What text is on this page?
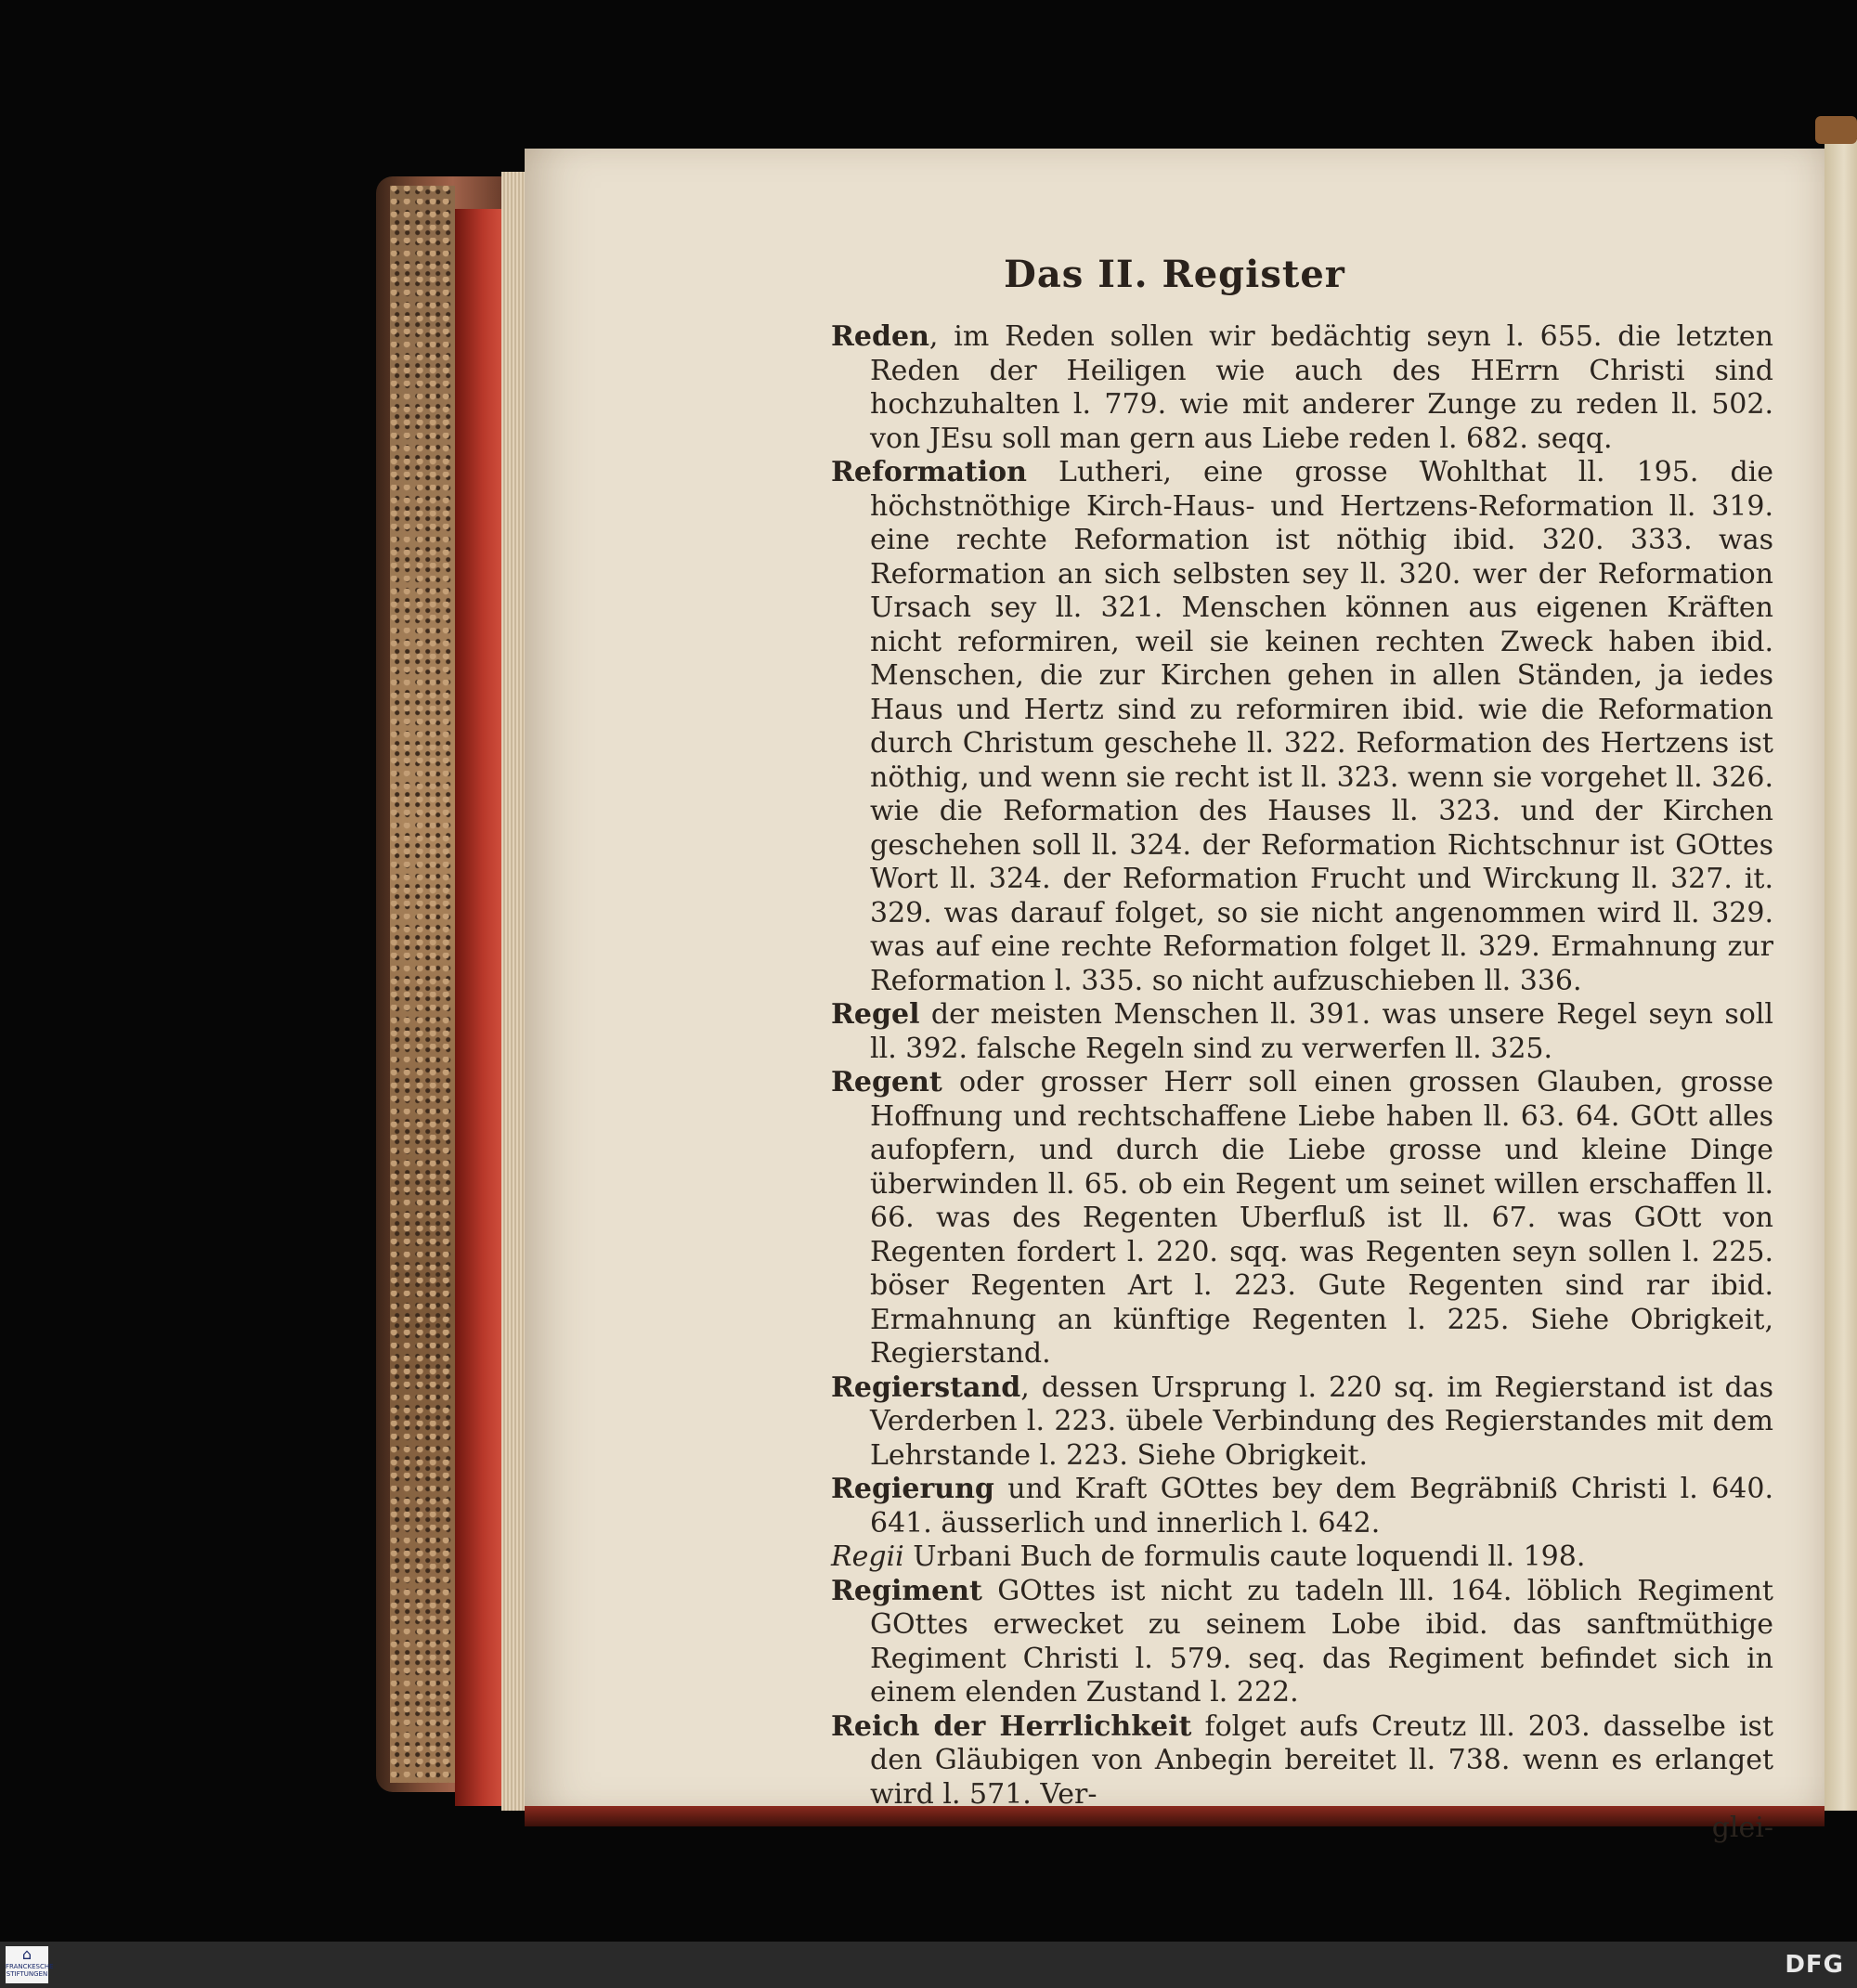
Das II. Register

Reden, im Reden sollen wir bedächtig seyn l. 655. die letzten Reden der Heiligen wie auch des HErrn Christi sind hochzuhalten l. 779. wie mit anderer Zunge zu reden ll. 502. von JEsu soll man gern aus Liebe reden l. 682. seqq.

Reformation Lutheri, eine grosse Wohlthat ll. 195. die höchstnöthige Kirch-Haus- und Hertzens-Reformation ll. 319. eine rechte Reformation ist nöthig ibid. 320. 333. was Reformation an sich selbsten sey ll. 320. wer der Reformation Ursach sey ll. 321. Menschen können aus eigenen Kräften nicht reformiren, weil sie keinen rechten Zweck haben ibid. Menschen, die zur Kirchen gehen in allen Ständen, ja iedes Haus und Hertz sind zu reformiren ibid. wie die Reformation durch Christum geschehe ll. 322. Reformation des Hertzens ist nöthig, und wenn sie recht ist ll. 323. wenn sie vorgehet ll. 326. wie die Reformation des Hauses ll. 323. und der Kirchen geschehen soll ll. 324. der Reformation Richtschnur ist GOttes Wort ll. 324. der Reformation Frucht und Wirckung ll. 327. it. 329. was darauf folget, so sie nicht angenommen wird ll. 329. was auf eine rechte Reformation folget ll. 329. Ermahnung zur Reformation l. 335. so nicht aufzuschieben ll. 336.

Regel der meisten Menschen ll. 391. was unsere Regel seyn soll ll. 392. falsche Regeln sind zu verwerfen ll. 325.

Regent oder grosser Herr soll einen grossen Glauben, grosse Hoffnung und rechtschaffene Liebe haben ll. 63. 64. GOtt alles aufopfern, und durch die Liebe grosse und kleine Dinge überwinden ll. 65. ob ein Regent um seinet willen erschaffen ll. 66. was des Regenten Uberfluß ist ll. 67. was GOtt von Regenten fordert l. 220. sqq. was Regenten seyn sollen l. 225. böser Regenten Art l. 223. Gute Regenten sind rar ibid. Ermahnung an künftige Regenten l. 225. Siehe Obrigkeit, Regierstand.

Regierstand, dessen Ursprung l. 220 sq. im Regierstand ist das Verderben l. 223. übele Verbindung des Regierstandes mit dem Lehrstande l. 223. Siehe Obrigkeit.

Regierung und Kraft GOttes bey dem Begräbniß Christi l. 640. 641. äusserlich und innerlich l. 642.

Regii Urbani Buch de formulis caute loquendi ll. 198.

Regiment GOttes ist nicht zu tadeln lll. 164. löblich Regiment GOttes erwecket zu seinem Lobe ibid. das sanftmüthige Regiment Christi l. 579. seq. das Regiment befindet sich in einem elenden Zustand l. 222.

Reich der Herrlichkeit folget aufs Creutz lll. 203. dasselbe ist den Gläubigen von Anbegin bereitet ll. 738. wenn es erlanget wird l. 571. Ver-

glei-

⌂
FRANCKESCHE STIFTUNGEN	DFG
